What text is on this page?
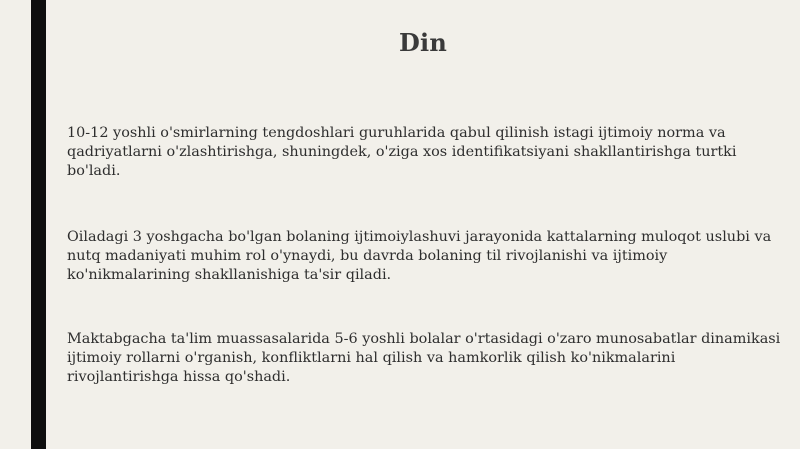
Din

10-12 yoshli o'smirlarning tengdoshlari guruhlarida qabul qilinish istagi ijtimoiy norma va qadriyatlarni o'zlashtirishga, shuningdek, o'ziga xos identifikatsiyani shakllantirishga turtki bo'ladi.

Oiladagi 3 yoshgacha bo'lgan bolaning ijtimoiylashuvi jarayonida kattalarning muloqot uslubi va nutq madaniyati muhim rol o'ynaydi, bu davrda bolaning til rivojlanishi va ijtimoiy ko'nikmalarining shakllanishiga ta'sir qiladi.

Maktabgacha ta'lim muassasalarida 5-6 yoshli bolalar o'rtasidagi o'zaro munosabatlar dinamikasi ijtimoiy rollarni o'rganish, konfliktlarni hal qilish va hamkorlik qilish ko'nikmalarini rivojlantirishga hissa qo'shadi.
